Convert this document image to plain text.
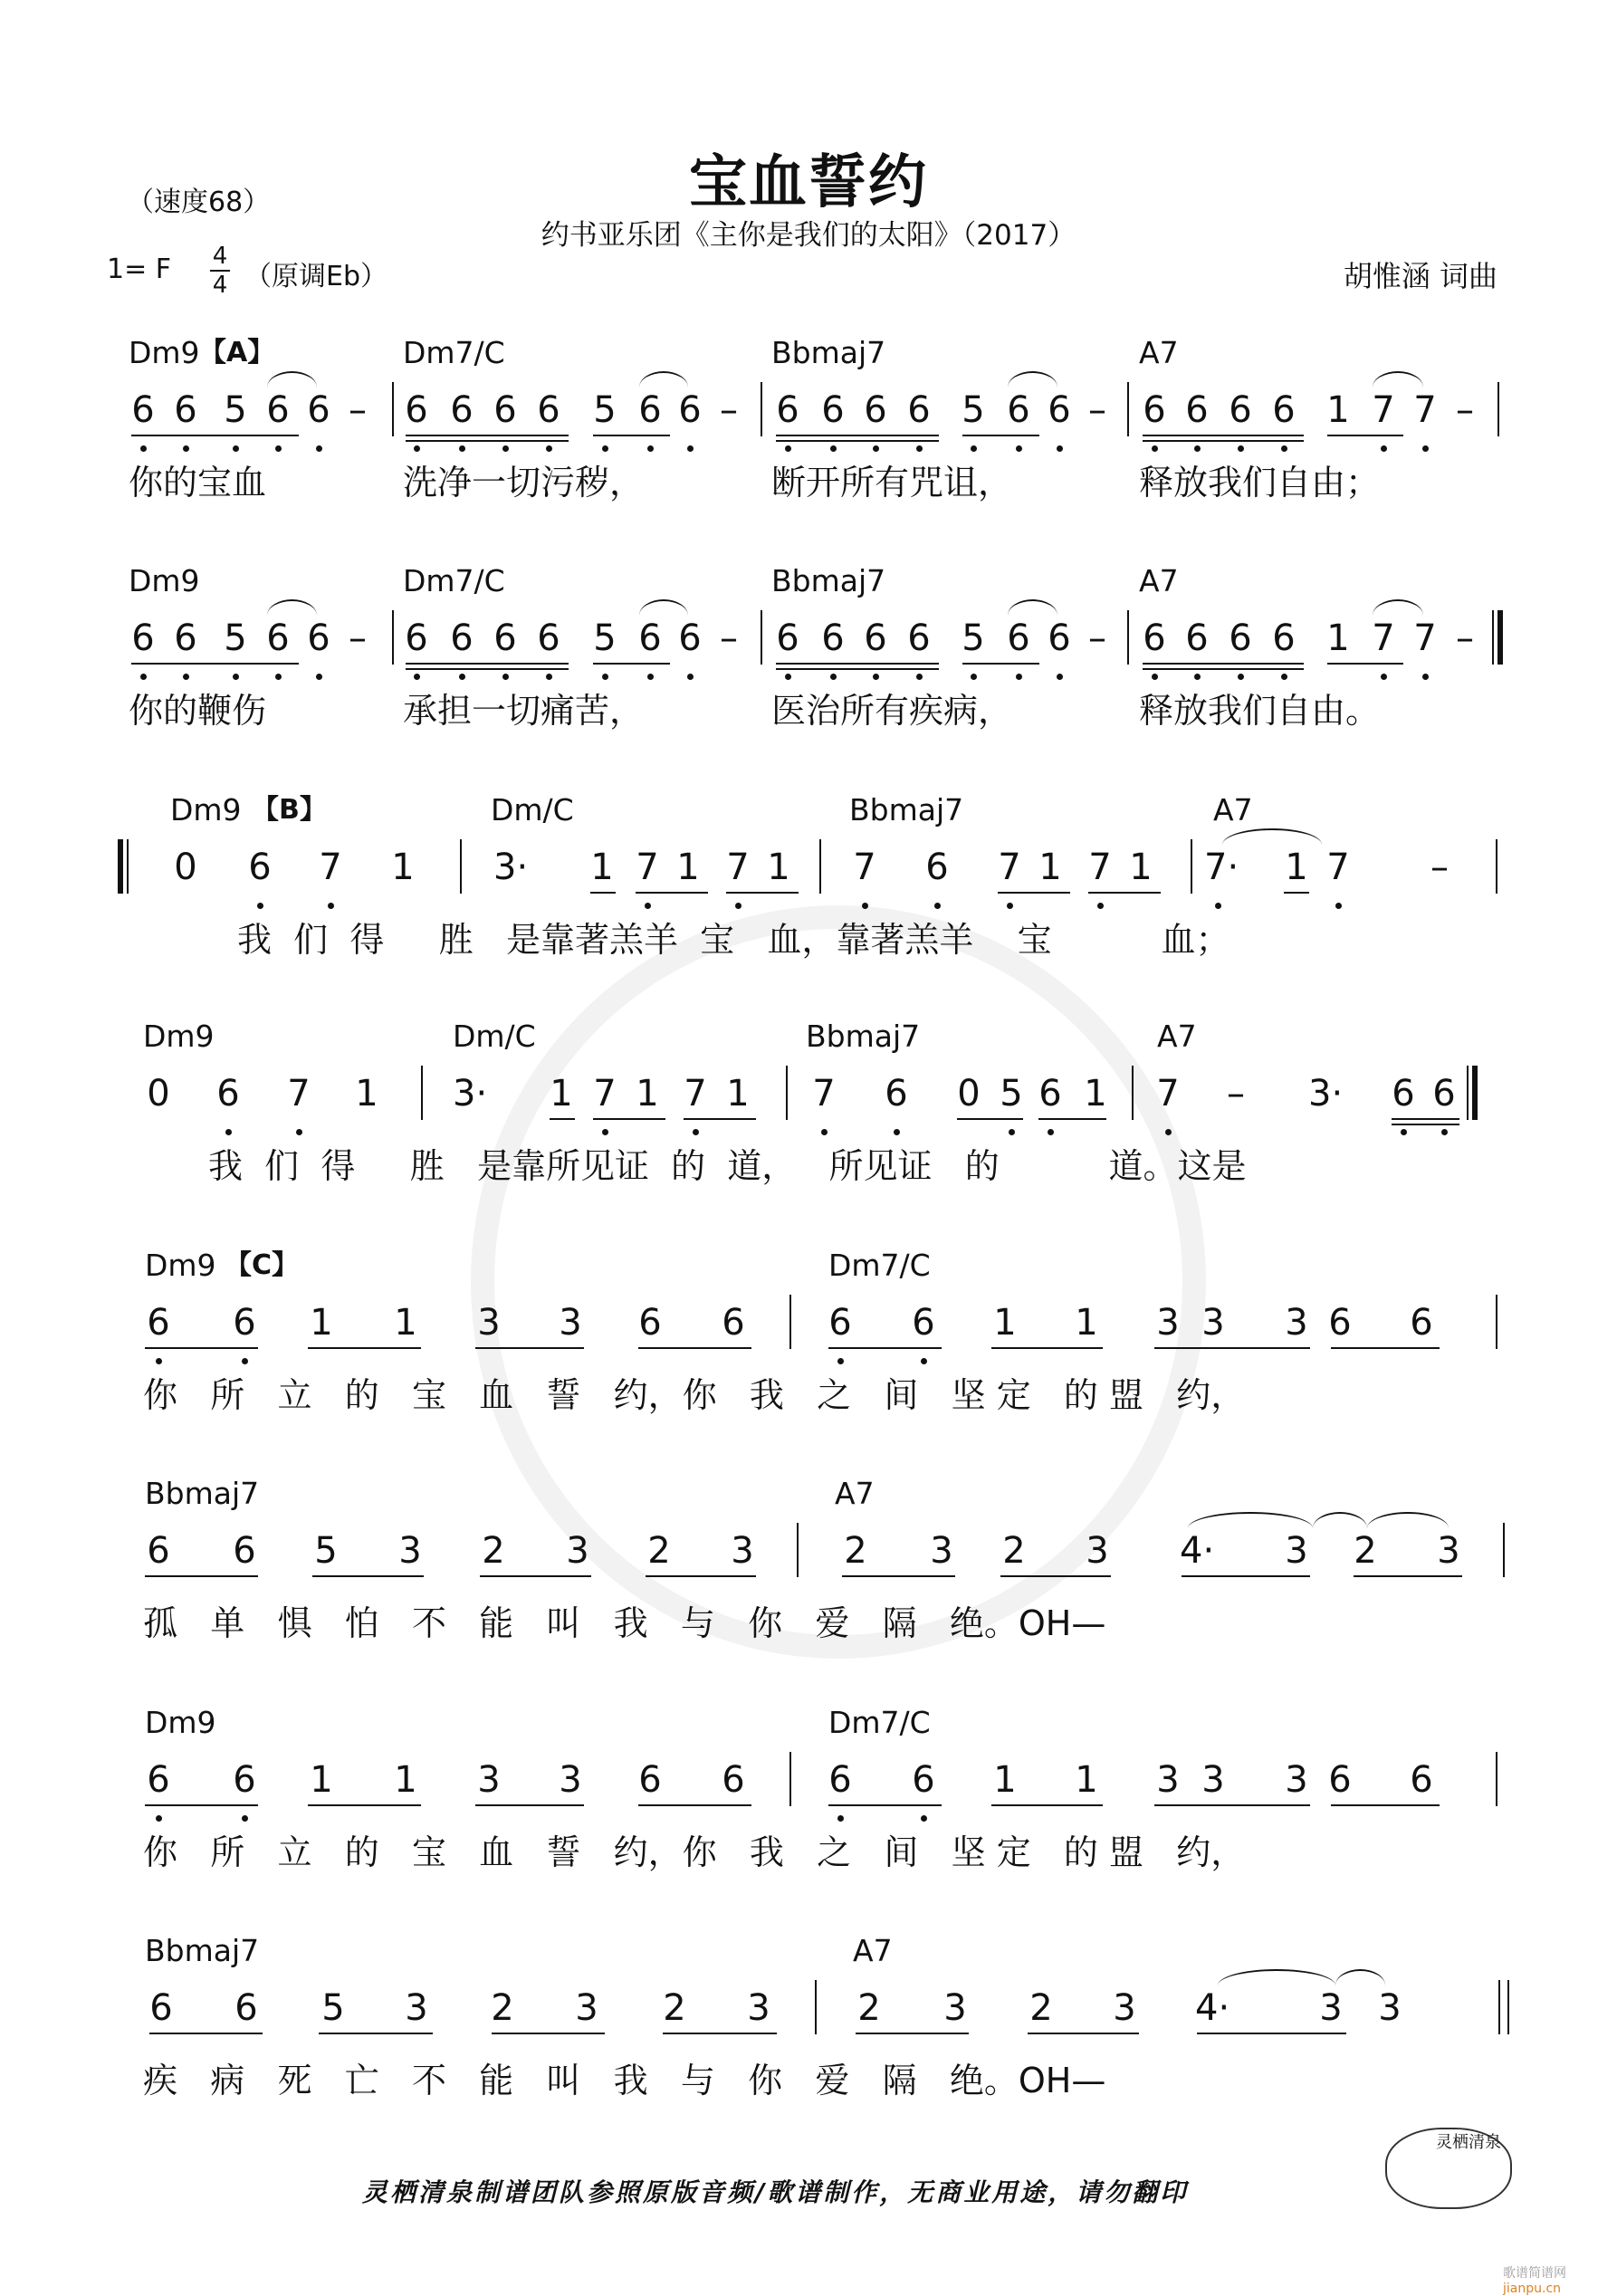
宝血誓约
（速度68）
约书亚乐团《主你是我们的太阳》（2017）
1= F 4
4 （原调Eb）	胡惟涵 词曲
Dm9	Dm7/C	Bbmaj7	A7
【A】
6 6 5 6 6 – 6 6 6 6 5 6 6 – 6 6 6 6 5 6 6 – 6 6 6 6 1 7 7 –
你的宝血	洗净一切污秽，	断开所有咒诅，	释放我们自由；
Dm9	Dm7/C	Bbmaj7	A7
6 6 5 6 6 – 6 6 6 6 5 6 6 – 6 6 6 6 5 6 6 – 6 6 6 6 1 7 7 –
你的鞭伤	承担一切痛苦，	医治所有疾病，	释放我们自由。
Dm9	Dm/C	Bbmaj7	A7
【B】
0 6 7 1 3· 1 7 1 7 1 7 6 7 1 7 1 7· 1 7 –
我  们  得     胜   是靠著羔羊  宝   血，靠著羔羊    宝          血；
Dm9	Dm/C	Bbmaj7	A7
0 6 7 1 3· 1 7 1 7 1 7 6 0 5 6 1 7 – 3· 6 6
我  们  得     胜   是靠所见证  的  道，   所见证   的          道。这是
Dm9	Dm7/C
【C】
6 6 1 1 3 3 6 6 6 6 1 1 3 3 3 6 6
你   所   立   的   宝   血   誓   约，你   我   之   间   坚 定   的 盟   约，
Bbmaj7	A7
6 6 5 3 2 3 2 3 2 3 2 3 4· 3 2 3
孤   单   惧   怕   不   能   叫   我   与   你   爱   隔   绝。OH—
Dm9	Dm7/C
6 6 1 1 3 3 6 6 6 6 1 1 3 3 3 6 6
你   所   立   的   宝   血   誓   约，你   我   之   间   坚 定   的 盟   约，
Bbmaj7	A7
6 6 5 3 2 3 2 3 2 3 2 3 4· 3 3
疾   病   死   亡   不   能   叫   我   与   你   爱   隔   绝。OH—
灵栖清泉制谱团队参照原版音频/歌谱制作，无商业用途，请勿翻印
灵栖清泉
歌谱简谱网 jianpu.cn
